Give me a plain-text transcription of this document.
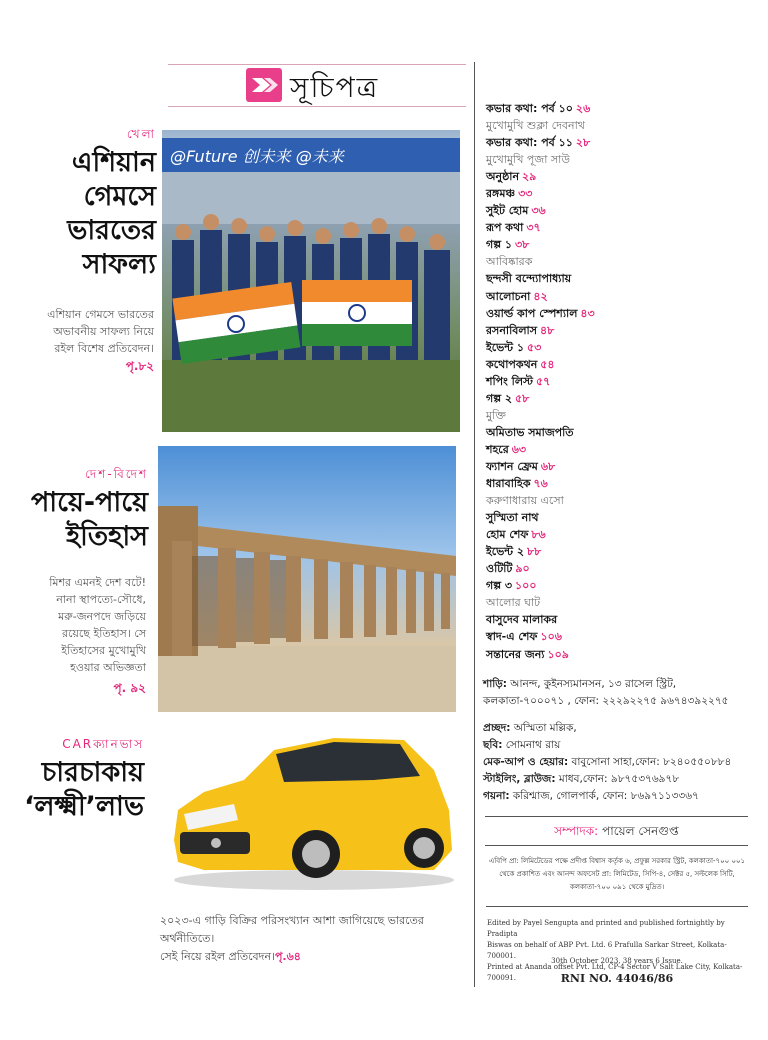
সূচিপত্র
খেলা
এশিয়ান
গেমসে
ভারতের
সাফল্য
এশিয়ান গেমসে ভারতের
অভাবনীয় সাফল্য নিয়ে
রইল বিশেষ প্রতিবেদন।
পৃ.৮২
@Future 创未来 @未来
দেশ-বিদেশ
পায়ে-পায়ে
ইতিহাস
মিশর এমনই দেশ বটে!
নানা স্থাপত্যে-সৌধে,
মরু-জনপদে জড়িয়ে
রয়েছে ইতিহাস। সে
ইতিহাসের মুখোমুখি
হওয়ার অভিজ্ঞতা
পৃ. ৯২
CARক্যানভাস
চারচাকায়
‘লক্ষ্মী’লাভ
২০২৩-এ গাড়ি বিক্রির পরিসংখ্যান আশা জাগিয়েছে ভারতের অর্থনীতিতে।
সেই নিয়ে রইল প্রতিবেদন।পৃ.৬৪
কভার কথা: পর্ব ১০ ২৬
মুখোমুখি শুক্লা দেবনাথ
কভার কথা: পর্ব ১১ ২৮
মুখোমুখি পূজা সাউ
অনুষ্ঠান ২৯
রঙ্গমঞ্চ ৩৩
সুইট হোম ৩৬
রূপ কথা ৩৭
গল্প ১ ৩৮
আবিষ্কারক
ছন্দসী বন্দ্যোপাধ্যায়
আলোচনা ৪২
ওয়ার্ল্ড কাপ স্পেশ্যাল ৪৩
রসনাবিলাস ৪৮
ইভেন্ট ১ ৫৩
কথোপকথন ৫৪
শপিং লিস্ট ৫৭
গল্প ২ ৫৮
মুক্তি
অমিতাভ সমাজপতি
শহরে ৬৩
ফ্যাশন ফ্রেম ৬৮
ধারাবাহিক ৭৬
করুণাধারায় এসো
সুস্মিতা নাথ
হোম শেফ ৮৬
ইভেন্ট ২ ৮৮
ওটিটি ৯০
গল্প ৩ ১০০
আলোর ঘাট
বাসুদেব মালাকর
স্বাদ-এ শেফ ১০৬
সন্তানের জন্য ১০৯
শাড়ি: আনন্দ, কুইনস্যমানসন, ১৩ রাসেল স্ট্রিট,
কলকাতা-৭০০০৭১ , ফোন: ২২২৯২২৭৫ ৯৬৭৪৩৯২২৭৫
প্রচ্ছদ: অস্মিতা মল্লিক,
ছবি: সোমনাথ রায়
মেক-আপ ও হেয়ার: বাবুসোনা সাহা,ফোন: ৮২৪০৫৫০৮৮৪
স্টাইলিং, ব্লাউজ: মাধব,ফোন: ৯৮৭৫৩৭৬৯৭৮
গয়না: করিশ্মাজ, গোলপার্ক, ফোন: ৮৬৯৭১১৩৩৬৭
সম্পাদক: পায়েল সেনগুপ্ত
এবিপি প্রা: লিমিটেডের পক্ষে প্রদীপ্ত বিশ্বাস কর্তৃক ৬, প্রফুল্ল সরকার স্ট্রিট, কলকাতা-৭০০ ০০১
থেকে প্রকাশিত এবং আনন্দ অফসেট প্রা: লিমিটেড, সিপি-৪, সেক্টর ৫, সল্টলেক সিটি,
কলকাতা-৭০০ ০৯১ থেকে মুদ্রিত।
Edited by Payel Sengupta and printed and published fortnightly by Pradipta
Biswas on behalf of ABP Pvt. Ltd. 6 Prafulla Sarkar Street, Kolkata- 700001.
Printed at Ananda offset Pvt. Ltd, CP-4 Sector V Salt Lake City, Kolkata- 700091.
30th October 2023, 38 years 6 Issue.
RNI NO. 44046/86
